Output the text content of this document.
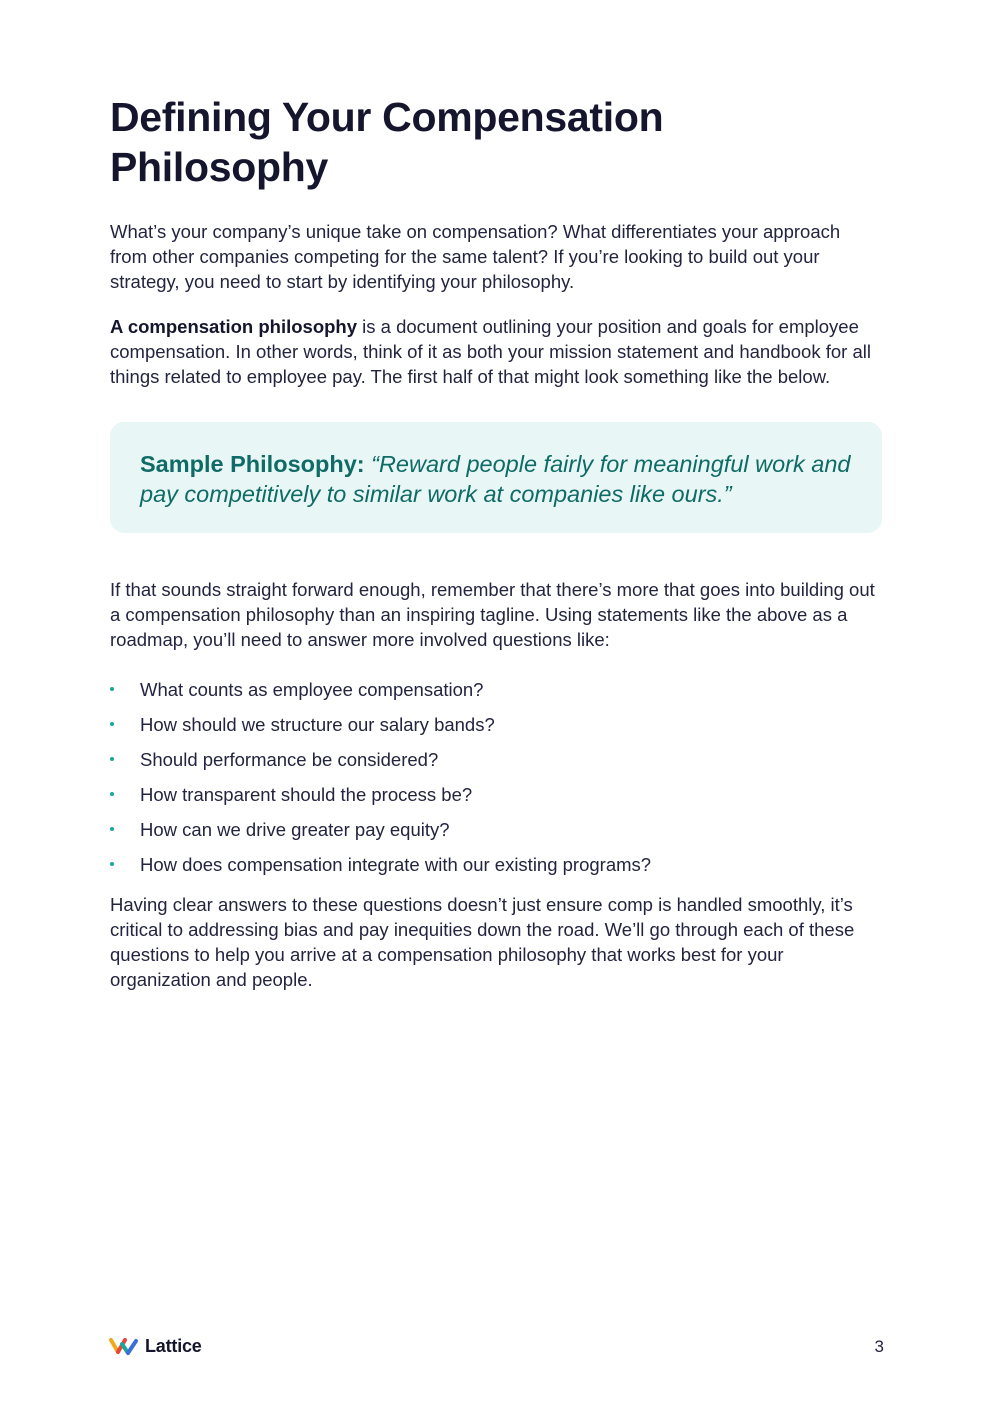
Defining Your Compensation Philosophy

What’s your company’s unique take on compensation? What differentiates your approach from other companies competing for the same talent? If you’re looking to build out your strategy, you need to start by identifying your philosophy.

A compensation philosophy is a document outlining your position and goals for employee compensation. In other words, think of it as both your mission statement and handbook for all things related to employee pay. The first half of that might look something like the below.

Sample Philosophy: “Reward people fairly for meaningful work and pay competitively to similar work at companies like ours.”

If that sounds straight forward enough, remember that there’s more that goes into building out a compensation philosophy than an inspiring tagline. Using statements like the above as a roadmap, you’ll need to answer more involved questions like:

What counts as employee compensation?
How should we structure our salary bands?
Should performance be considered?
How transparent should the process be?
How can we drive greater pay equity?
How does compensation integrate with our existing programs?

Having clear answers to these questions doesn’t just ensure comp is handled smoothly, it’s critical to addressing bias and pay inequities down the road. We’ll go through each of these questions to help you arrive at a compensation philosophy that works best for your organization and people.

Lattice	3
